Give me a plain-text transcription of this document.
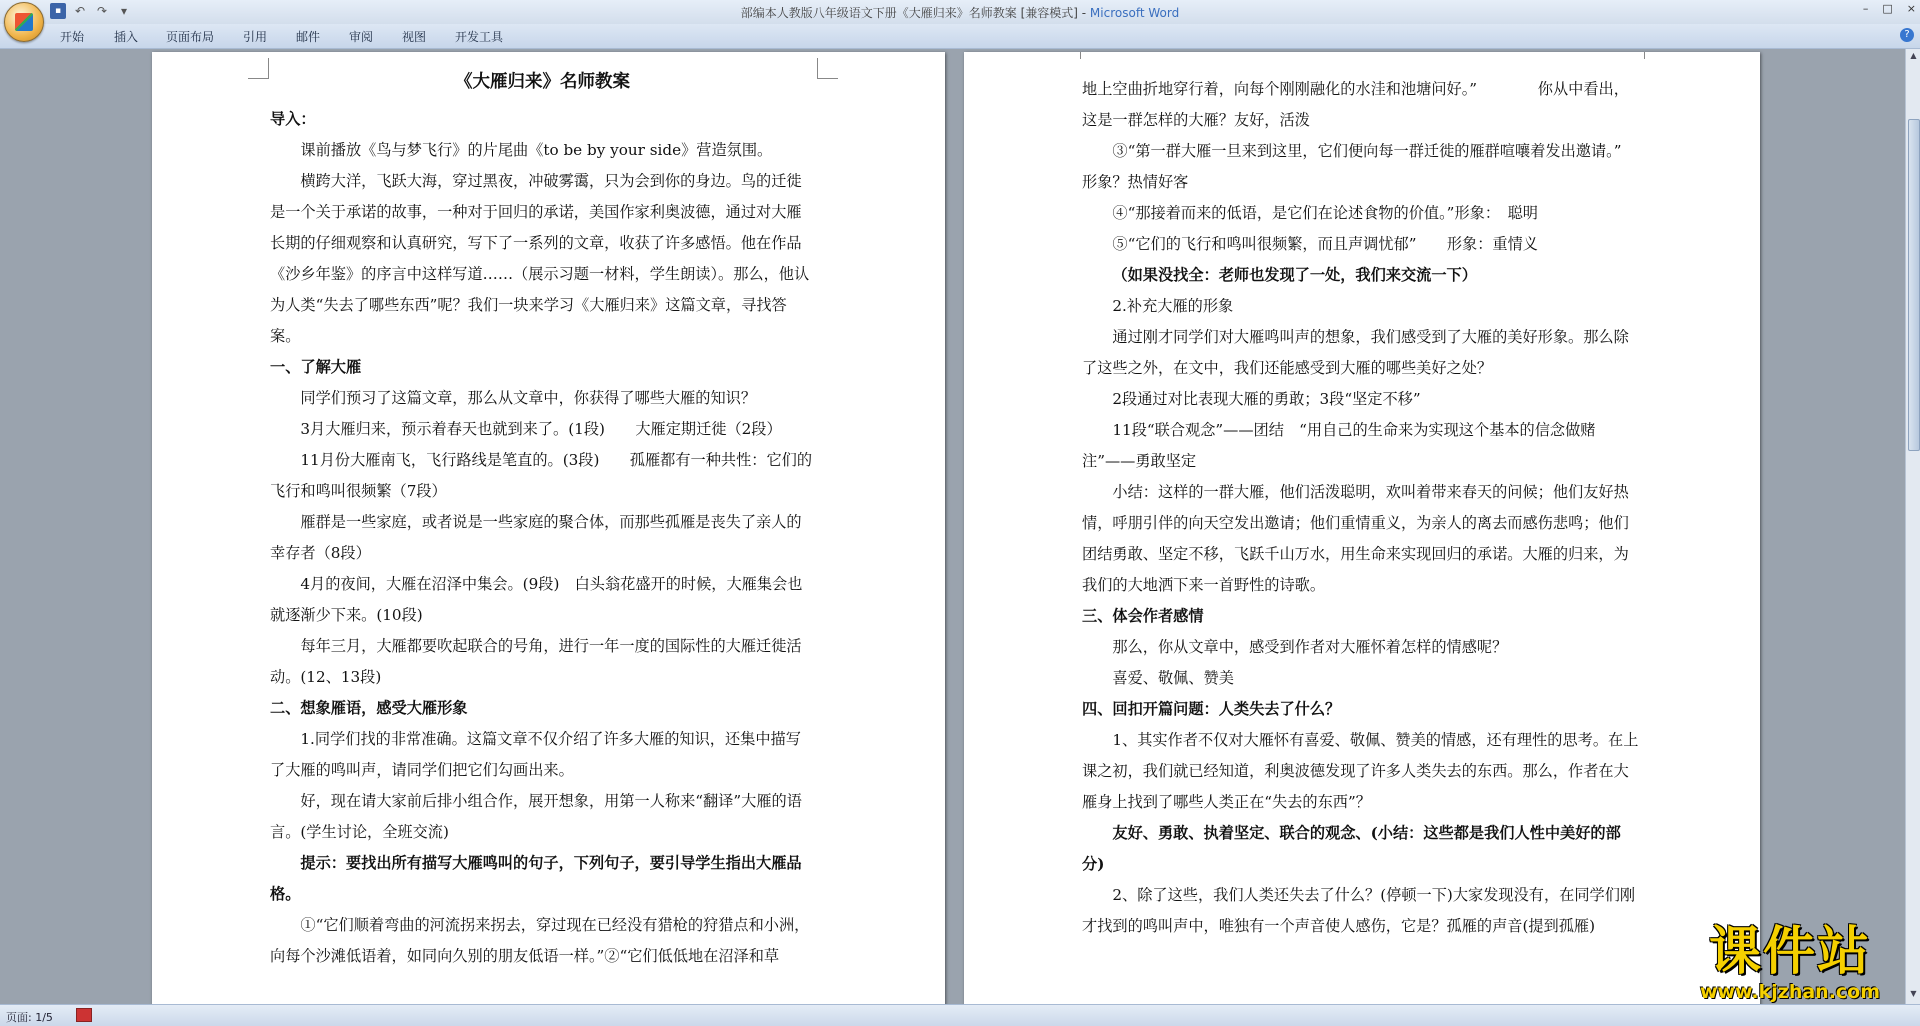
▪	↶ ↷	▾	部编本人教版八年级语文下册《大雁归来》名师教案 [兼容模式] - Microsoft Word	– □ ×
开始 插入 页面布局 引用 邮件 审阅 视图 开发工具	?

《大雁归来》名师教案

导入：

课前播放《鸟与梦飞行》的片尾曲《to be by your side》营造氛围。

横跨大洋，飞跃大海，穿过黑夜，冲破雾霭，只为会到你的身边。鸟的迁徙是一个关于承诺的故事，一种对于回归的承诺，美国作家利奥波德，通过对大雁长期的仔细观察和认真研究，写下了一系列的文章，收获了许多感悟。他在作品《沙乡年鉴》的序言中这样写道……（展示习题一材料，学生朗读）。那么，他认为人类“失去了哪些东西”呢？我们一块来学习《大雁归来》这篇文章，寻找答案。

一、了解大雁

同学们预习了这篇文章，那么从文章中，你获得了哪些大雁的知识？

3月大雁归来，预示着春天也就到来了。(1段)　　大雁定期迁徙（2段）

11月份大雁南飞，飞行路线是笔直的。(3段)　　孤雁都有一种共性：它们的飞行和鸣叫很频繁（7段）

雁群是一些家庭，或者说是一些家庭的聚合体，而那些孤雁是丧失了亲人的幸存者（8段）

4月的夜间，大雁在沼泽中集会。(9段)　白头翁花盛开的时候，大雁集会也就逐渐少下来。(10段)

每年三月，大雁都要吹起联合的号角，进行一年一度的国际性的大雁迁徙活动。(12、13段)

二、想象雁语，感受大雁形象

1.同学们找的非常准确。这篇文章不仅介绍了许多大雁的知识，还集中描写了大雁的鸣叫声，请同学们把它们勾画出来。

好，现在请大家前后排小组合作，展开想象，用第一人称来“翻译”大雁的语言。(学生讨论，全班交流)

提示：要找出所有描写大雁鸣叫的句子，下列句子，要引导学生指出大雁品格。

①“它们顺着弯曲的河流拐来拐去，穿过现在已经没有猎枪的狩猎点和小洲，向每个沙滩低语着，如同向久别的朋友低语一样。”②“它们低低地在沼泽和草

地上空曲折地穿行着，向每个刚刚融化的水洼和池塘问好。”　　　　你从中看出，这是一群怎样的大雁？友好，活泼

③“第一群大雁一旦来到这里，它们便向每一群迁徙的雁群喧嚷着发出邀请。”　　形象？热情好客

④“那接着而来的低语，是它们在论述食物的价值。”形象：　聪明

⑤“它们的飞行和鸣叫很频繁，而且声调忧郁”　　形象：重情义

（如果没找全：老师也发现了一处，我们来交流一下）

2.补充大雁的形象

通过刚才同学们对大雁鸣叫声的想象，我们感受到了大雁的美好形象。那么除了这些之外，在文中，我们还能感受到大雁的哪些美好之处？

2段通过对比表现大雁的勇敢；3段“坚定不移”

11段“联合观念”——团结　“用自己的生命来为实现这个基本的信念做赌注”——勇敢坚定

小结：这样的一群大雁，他们活泼聪明，欢叫着带来春天的问候；他们友好热情，呼朋引伴的向天空发出邀请；他们重情重义，为亲人的离去而感伤悲鸣；他们团结勇敢、坚定不移，飞跃千山万水，用生命来实现回归的承诺。大雁的归来，为我们的大地洒下来一首野性的诗歌。

三、体会作者感情

那么，你从文章中，感受到作者对大雁怀着怎样的情感呢？

喜爱、敬佩、赞美

四、回扣开篇问题：人类失去了什么？

1、其实作者不仅对大雁怀有喜爱、敬佩、赞美的情感，还有理性的思考。在上课之初，我们就已经知道，利奥波德发现了许多人类失去的东西。那么，作者在大雁身上找到了哪些人类正在“失去的东西”？

友好、勇敢、执着坚定、联合的观念、(小结：这些都是我们人性中美好的部分)

2、除了这些，我们人类还失去了什么？(停顿一下)大家发现没有，在同学们刚才找到的鸣叫声中，唯独有一个声音使人感伤，它是？孤雁的声音(提到孤雁)

▲
▼
页面: 1/5
课件站
www.kjzhan.com
